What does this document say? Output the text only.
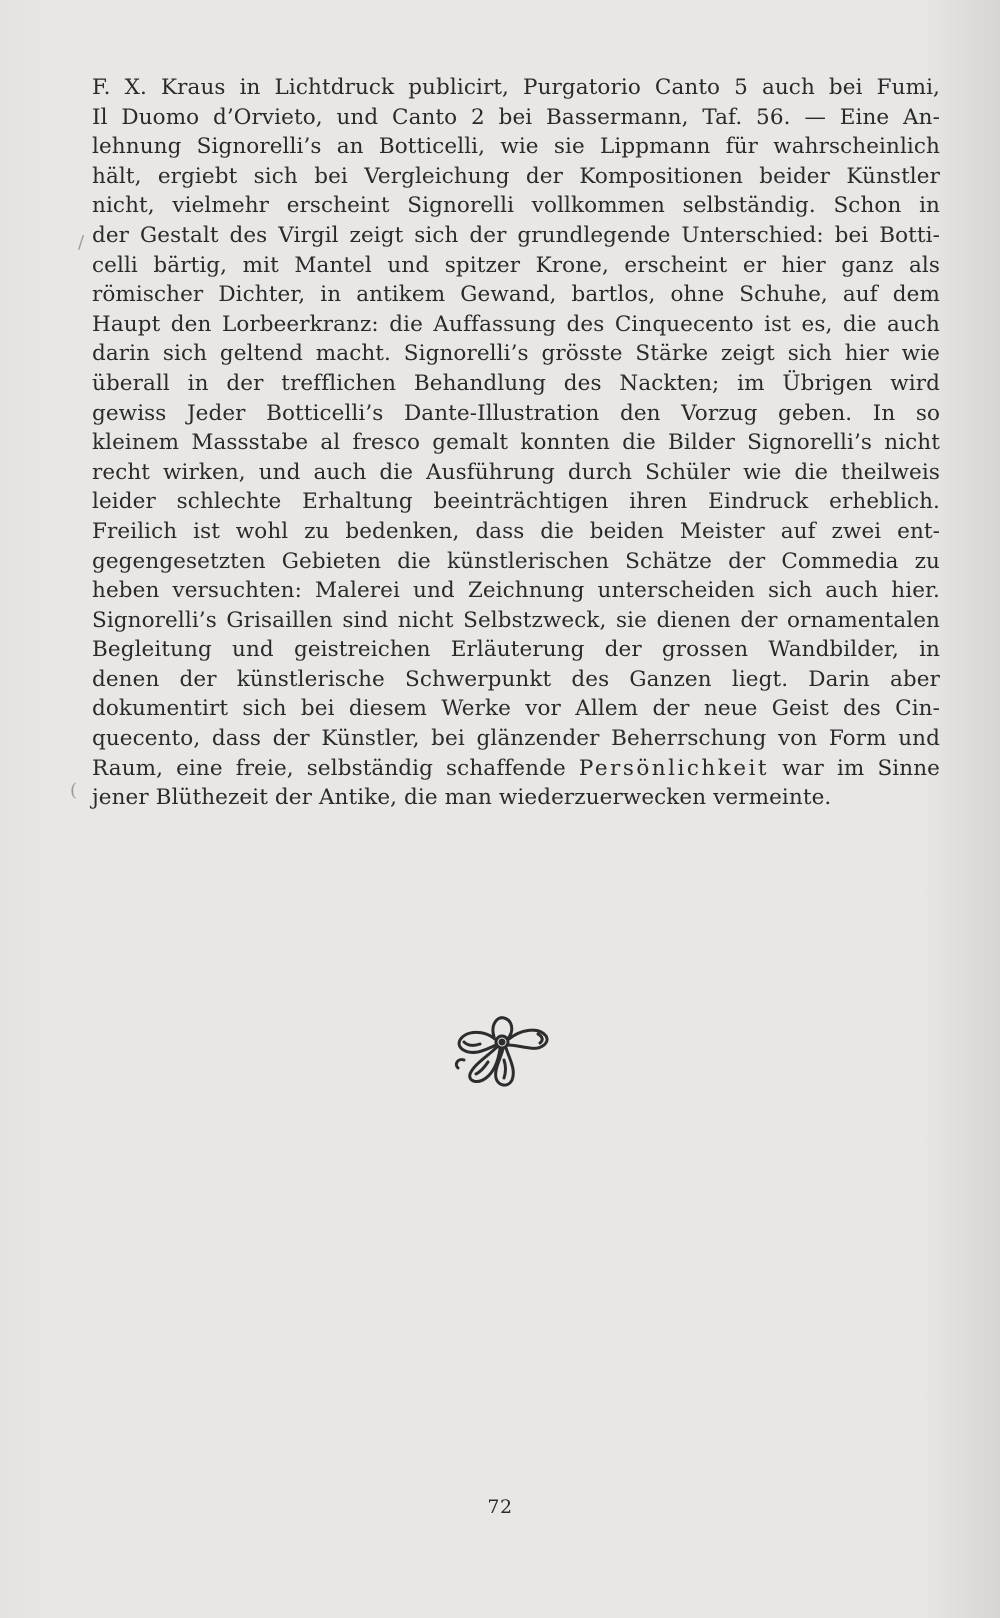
/
(
F. X. Kraus in Lichtdruck publicirt, Purgatorio Canto 5 auch bei Fumi,
Il Duomo d’Orvieto, und Canto 2 bei Bassermann, Taf. 56. — Eine An-
lehnung Signorelli’s an Botticelli, wie sie Lippmann für wahrscheinlich
hält, ergiebt sich bei Vergleichung der Kompositionen beider Künstler
nicht, vielmehr erscheint Signorelli vollkommen selbständig. Schon in
der Gestalt des Virgil zeigt sich der grundlegende Unterschied: bei Botti-
celli bärtig, mit Mantel und spitzer Krone, erscheint er hier ganz als
römischer Dichter, in antikem Gewand, bartlos, ohne Schuhe, auf dem
Haupt den Lorbeerkranz: die Auffassung des Cinquecento ist es, die auch
darin sich geltend macht. Signorelli’s grösste Stärke zeigt sich hier wie
überall in der trefflichen Behandlung des Nackten; im Übrigen wird
gewiss Jeder Botticelli’s Dante-Illustration den Vorzug geben. In so
kleinem Massstabe al fresco gemalt konnten die Bilder Signorelli’s nicht
recht wirken, und auch die Ausführung durch Schüler wie die theilweis
leider schlechte Erhaltung beeinträchtigen ihren Eindruck erheblich.
Freilich ist wohl zu bedenken, dass die beiden Meister auf zwei ent-
gegengesetzten Gebieten die künstlerischen Schätze der Commedia zu
heben versuchten: Malerei und Zeichnung unterscheiden sich auch hier.
Signorelli’s Grisaillen sind nicht Selbstzweck, sie dienen der ornamentalen
Begleitung und geistreichen Erläuterung der grossen Wandbilder, in
denen der künstlerische Schwerpunkt des Ganzen liegt. Darin aber
dokumentirt sich bei diesem Werke vor Allem der neue Geist des Cin-
quecento, dass der Künstler, bei glänzender Beherrschung von Form und
Raum, eine freie, selbständig schaffende Persönlichkeit war im Sinne
jener Blüthezeit der Antike, die man wiederzuerwecken vermeinte.
72
